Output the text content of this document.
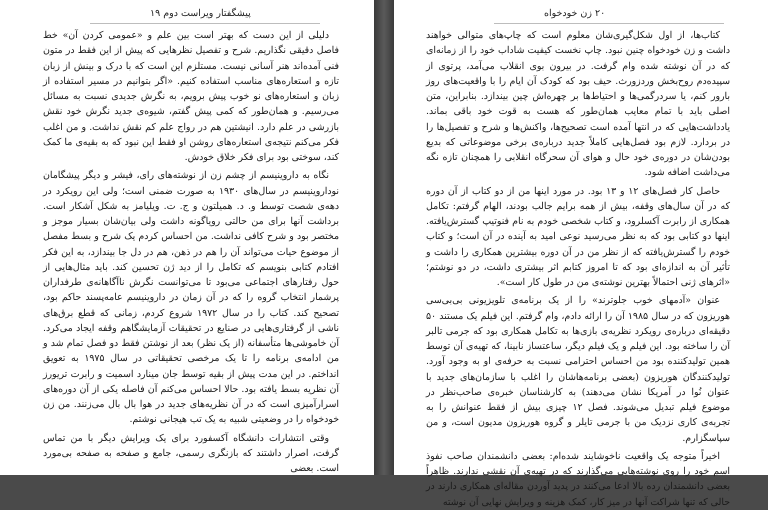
پیشگفتار ویراست دوم ۱۹

دلیلی از این دست که بهتر است بین علم و «عمومی کردن آن» خط فاصل دقیقی نگذاریم. شرح و تفصیل نظرهایی که پیش از این فقط در متون فنی آمده‌اند هنر آسانی نیست. مستلزم این است که با درک و بینش از زبان تازه و استعاره‌های مناسب استفاده کنیم. «اگر بتوانیم در مسیر استفاده از زبان و استعاره‌های نو خوب پیش برویم، به نگرش جدیدی نسبت به مسائل می‌رسیم. و همان‌طور که کمی پیش گفتم، شیوه‌ی جدید نگرش خود نقش بازرشی در علم دارد. انیشتین هم در رواج علم کم نقش نداشت. و من اغلب فکر می‌کنم نتیجه‌ی استعاره‌های روشن او فقط این نبود که به بقیه‌ی ما کمک کند، سوختی بود برای فکر خلاق خودش.

نگاه به داروینیسم از چشم زن از نوشته‌های رای، فیشر و دیگر پیشگامان نوداروینیسم در سال‌های ۱۹۳۰ به صورت ضمنی است؛ ولی این رویکرد در دهه‌ی شصت توسط و. د. همیلتون و ج. ت. ویلیامز به شکل آشکار است. برداشت آنها برای من حالتی رویاگونه داشت ولی بیان‌شان بسیار موجز و مختصر بود و شرح کافی نداشت. من احساس کردم یک شرح و بسط مفصل از موضوع حیات می‌تواند آن را هم در ذهن، هم در دل جا بیندازد، به این فکر افتادم کتابی بنویسم که تکامل را از دید ژن تحسین کند. باید مثال‌هایی از حول رفتارهای اجتماعی می‌بود تا می‌توانست نگرش ناآگاهانه‌ی طرفداران پرشمار انتخاب گروه را که در آن زمان در داروینیسم عامه‌پسند حاکم بود، تصحیح کند. کتاب را در سال ۱۹۷۲ شروع کردم، زمانی که قطع برق‌های ناشی از گرفتاری‌هایی در صنایع در تحقیقات آزمایشگاهم وقفه ایجاد می‌کرد. آن خاموشی‌ها متأسفانه (از یک نظر) بعد از نوشتن فقط دو فصل تمام شد و من ادامه‌ی برنامه را تا یک مرخصی تحقیقاتی در سال ۱۹۷۵ به تعویق انداختم. در این مدت پیش از بقیه توسط جان مینارد اسمیت و رابرت تریورز آن نظریه بسط یافته بود. حالا احساس می‌کنم آن فاصله یکی از آن دوره‌های اسرارآمیزی است که در آن نظریه‌های جدید در هوا بال بال می‌زنند. من زن خودخواه را در وضعیتی شبیه به یک تب هیجانی نوشتم.

وقتی انتشارات دانشگاه آکسفورد برای یک ویرایش دیگر با من تماس گرفت، اصرار داشتند که بازنگری رسمی، جامع و صفحه به صفحه بی‌مورد است. بعضی

۲۰ زن خودخواه

کتاب‌ها، از اول شکل‌گیری‌شان معلوم است که چاپ‌های متوالی خواهند داشت و زن خودخواه چنین نبود. چاپ نخست کیفیت شاداب خود را از زمانه‌ای که در آن نوشته شده وام گرفت. در بیرون بوی انقلاب می‌آمد، پرتوی از سپیده‌دم روح‌بخش وردزورث. حیف بود که کودک آن ایام را با واقعیت‌های روز بارور کنم، یا سردرگمی‌ها و احتیاط‌ها بر چهره‌اش چین بیندازد. بنابراین، متن اصلی باید با تمام معایب همان‌طور که هست به قوت خود باقی بماند. یادداشت‌هایی که در انتها آمده است تصحیح‌ها، واکنش‌ها و شرح و تفصیل‌ها را در بردارد. لازم بود فصل‌هایی کاملاً جدید درباره‌ی برخی موضوعاتی که بدیع بودن‌شان در دوره‌ی خود حال و هوای آن سحرگاه انقلابی را همچنان تازه نگه می‌داشت اضافه شود.

حاصل کار فصل‌های ۱۲ و ۱۳ بود. در مورد اینها من از دو کتاب از آن دوره که در آن سال‌های وقفه، بیش از همه برایم جالب بودند، الهام گرفتم: تکامل همکاری از رابرت آکسلرود، و کتاب شخصی خودم به نام فنوتیپ گسترش‌یافته. اینها دو کتابی بود که به نظر می‌رسید نوعی امید به آینده در آن است؛ و کتاب خودم را گسترش‌یافته که از نظر من در آن دوره بیشترین همکاری را داشت و تأثیر آن به اندازه‌ای بود که تا امروز کتابم اثر بیشتری داشت، در دو نوشتم؛ «اثرهای ژنی احتمالاً بهترین نوشته‌ی من در طول کار است».

عنوان «آدمهای خوب جلوترند» را از یک برنامه‌ی تلویزیونی بی‌بی‌سی هوریزون که در سال ۱۹۸۵ آن را ارائه دادم، وام گرفتم. این فیلم یک مستند ۵۰ دقیقه‌ای درباره‌ی رویکرد نظریه‌ی بازی‌ها به تکامل همکاری بود که جرمی تالبر آن را ساخته بود. این فیلم و یک فیلم دیگر، ساعتساز نابینا، که تهیه‌ی آن توسط همین تولیدکننده بود من احساس احترامی نسبت به حرفه‌ی او به وجود آورد. تولیدکنندگان هوریزون (بعضی برنامه‌هاشان را اغلب با سازمان‌های جدید با عنوان نُوا در آمریکا نشان می‌دهند) به کارشناسان خبره‌ی صاحب‌نظر در موضوع فیلم تبدیل می‌شوند. فصل ۱۲ چیزی بیش از فقط عنوانش را به تجربه‌ی کاری نزدیک من با جرمی تایلر و گروه هوریزون مدیون است، و من سپاسگزارم.

اخیراً متوجه یک واقعیت ناخوشایند شده‌ام: بعضی دانشمندان صاحب نفوذ اسم خود را روی نوشته‌هایی می‌گذارند که در تهیه‌ی آن نقشی ندارند. ظاهراً بعضی دانشمندان رده بالا ادعا می‌کنند در پدید آوردن مقاله‌ای همکاری دارند در حالی که تنها شراکت آنها در میز کار، کمک هزینه و ویرایش نهایی آن نوشته
